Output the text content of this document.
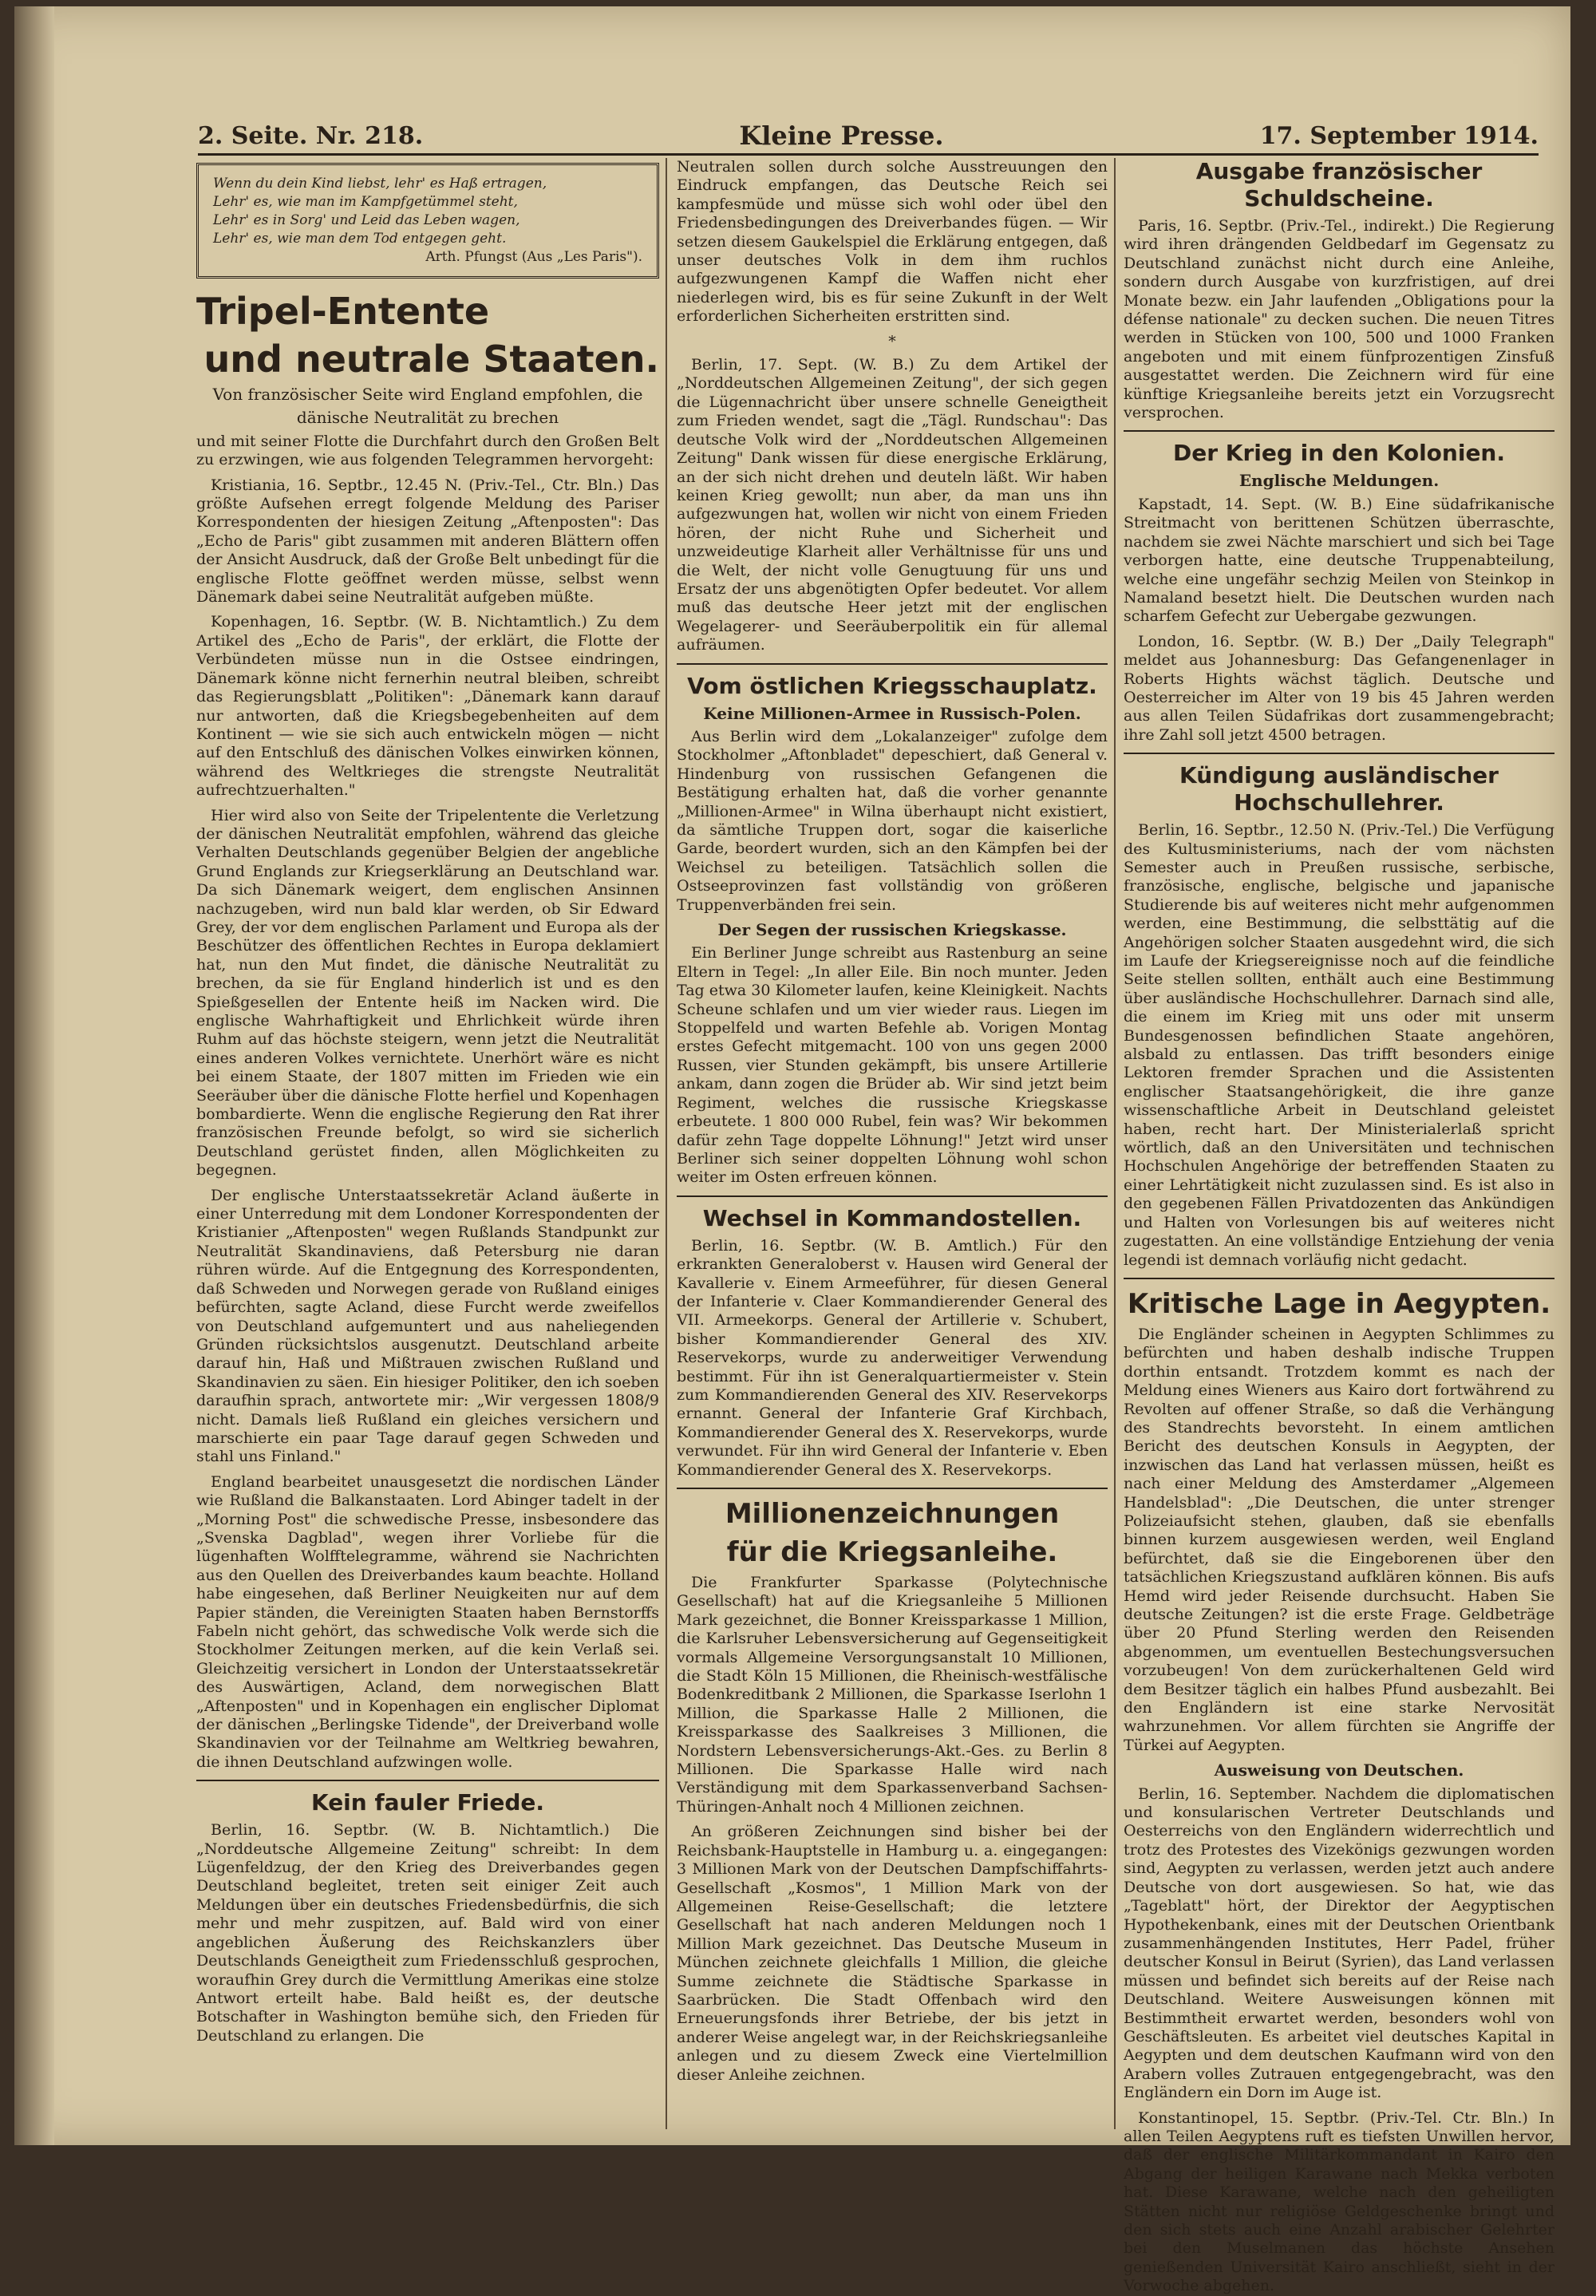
2. Seite. Nr. 218.	Kleine Presse.	17. September 1914.
Wenn du dein Kind liebst, lehr' es Haß ertragen,
Lehr' es, wie man im Kampfgetümmel steht,
Lehr' es in Sorg' und Leid das Leben wagen,
Lehr' es, wie man dem Tod entgegen geht.
Arth. Pfungst (Aus „Les Paris").
Tripel-Entente
und neutrale Staaten.
Von französischer Seite wird England empfohlen, die
dänische Neutralität zu brechen

und mit seiner Flotte die Durchfahrt durch den Großen Belt zu erzwingen, wie aus folgenden Telegrammen hervorgeht:

Kristiania, 16. Septbr., 12.45 N. (Priv.-Tel., Ctr. Bln.) Das größte Aufsehen erregt folgende Meldung des Pariser Korrespondenten der hiesigen Zeitung „Aftenposten": Das „Echo de Paris" gibt zusammen mit anderen Blättern offen der Ansicht Ausdruck, daß der Große Belt unbedingt für die englische Flotte geöffnet werden müsse, selbst wenn Dänemark dabei seine Neutralität aufgeben müßte.

Kopenhagen, 16. Septbr. (W. B. Nichtamtlich.) Zu dem Artikel des „Echo de Paris", der erklärt, die Flotte der Verbündeten müsse nun in die Ostsee eindringen, Dänemark könne nicht fernerhin neutral bleiben, schreibt das Regierungsblatt „Politiken": „Dänemark kann darauf nur antworten, daß die Kriegsbegebenheiten auf dem Kontinent — wie sie sich auch entwickeln mögen — nicht auf den Entschluß des dänischen Volkes einwirken können, während des Weltkrieges die strengste Neutralität aufrechtzuerhalten."

Hier wird also von Seite der Tripelentente die Verletzung der dänischen Neutralität empfohlen, während das gleiche Verhalten Deutschlands gegenüber Belgien der angebliche Grund Englands zur Kriegserklärung an Deutschland war. Da sich Dänemark weigert, dem englischen Ansinnen nachzugeben, wird nun bald klar werden, ob Sir Edward Grey, der vor dem englischen Parlament und Europa als der Beschützer des öffentlichen Rechtes in Europa deklamiert hat, nun den Mut findet, die dänische Neutralität zu brechen, da sie für England hinderlich ist und es den Spießgesellen der Entente heiß im Nacken wird. Die englische Wahrhaftigkeit und Ehrlichkeit würde ihren Ruhm auf das höchste steigern, wenn jetzt die Neutralität eines anderen Volkes vernichtete. Unerhört wäre es nicht bei einem Staate, der 1807 mitten im Frieden wie ein Seeräuber über die dänische Flotte herfiel und Kopenhagen bombardierte. Wenn die englische Regierung den Rat ihrer französischen Freunde befolgt, so wird sie sicherlich Deutschland gerüstet finden, allen Möglichkeiten zu begegnen.

Der englische Unterstaatssekretär Acland äußerte in einer Unterredung mit dem Londoner Korrespondenten der Kristianier „Aftenposten" wegen Rußlands Standpunkt zur Neutralität Skandinaviens, daß Petersburg nie daran rühren würde. Auf die Entgegnung des Korrespondenten, daß Schweden und Norwegen gerade von Rußland einiges befürchten, sagte Acland, diese Furcht werde zweifellos von Deutschland aufgemuntert und aus naheliegenden Gründen rücksichtslos ausgenutzt. Deutschland arbeite darauf hin, Haß und Mißtrauen zwischen Rußland und Skandinavien zu säen. Ein hiesiger Politiker, den ich soeben daraufhin sprach, antwortete mir: „Wir vergessen 1808/9 nicht. Damals ließ Rußland ein gleiches versichern und marschierte ein paar Tage darauf gegen Schweden und stahl uns Finland."

England bearbeitet unausgesetzt die nordischen Länder wie Rußland die Balkanstaaten. Lord Abinger tadelt in der „Morning Post" die schwedische Presse, insbesondere das „Svenska Dagblad", wegen ihrer Vorliebe für die lügenhaften Wolfftelegramme, während sie Nachrichten aus den Quellen des Dreiverbandes kaum beachte. Holland habe eingesehen, daß Berliner Neuigkeiten nur auf dem Papier ständen, die Vereinigten Staaten haben Bernstorffs Fabeln nicht gehört, das schwedische Volk werde sich die Stockholmer Zeitungen merken, auf die kein Verlaß sei. Gleichzeitig versichert in London der Unterstaatssekretär des Auswärtigen, Acland, dem norwegischen Blatt „Aftenposten" und in Kopenhagen ein englischer Diplomat der dänischen „Berlingske Tidende", der Dreiverband wolle Skandinavien vor der Teilnahme am Weltkrieg bewahren, die ihnen Deutschland aufzwingen wolle.

Kein fauler Friede.

Berlin, 16. Septbr. (W. B. Nichtamtlich.) Die „Norddeutsche Allgemeine Zeitung" schreibt: In dem Lügenfeldzug, der den Krieg des Dreiverbandes gegen Deutschland begleitet, treten seit einiger Zeit auch Meldungen über ein deutsches Friedensbedürfnis, die sich mehr und mehr zuspitzen, auf. Bald wird von einer angeblichen Äußerung des Reichskanzlers über Deutschlands Geneigtheit zum Friedensschluß gesprochen, woraufhin Grey durch die Vermittlung Amerikas eine stolze Antwort erteilt habe. Bald heißt es, der deutsche Botschafter in Washington bemühe sich, den Frieden für Deutschland zu erlangen. Die

Neutralen sollen durch solche Ausstreuungen den Eindruck empfangen, das Deutsche Reich sei kampfesmüde und müsse sich wohl oder übel den Friedensbedingungen des Dreiverbandes fügen. — Wir setzen diesem Gaukelspiel die Erklärung entgegen, daß unser deutsches Volk in dem ihm ruchlos aufgezwungenen Kampf die Waffen nicht eher niederlegen wird, bis es für seine Zukunft in der Welt erforderlichen Sicherheiten erstritten sind.

*

Berlin, 17. Sept. (W. B.) Zu dem Artikel der „Norddeutschen Allgemeinen Zeitung", der sich gegen die Lügennachricht über unsere schnelle Geneigtheit zum Frieden wendet, sagt die „Tägl. Rundschau": Das deutsche Volk wird der „Norddeutschen Allgemeinen Zeitung" Dank wissen für diese energische Erklärung, an der sich nicht drehen und deuteln läßt. Wir haben keinen Krieg gewollt; nun aber, da man uns ihn aufgezwungen hat, wollen wir nicht von einem Frieden hören, der nicht Ruhe und Sicherheit und unzweideutige Klarheit aller Verhältnisse für uns und die Welt, der nicht volle Genugtuung für uns und Ersatz der uns abgenötigten Opfer bedeutet. Vor allem muß das deutsche Heer jetzt mit der englischen Wegelagerer- und Seeräuberpolitik ein für allemal aufräumen.

Vom östlichen Kriegsschauplatz.
Keine Millionen-Armee in Russisch-Polen.

Aus Berlin wird dem „Lokalanzeiger" zufolge dem Stockholmer „Aftonbladet" depeschiert, daß General v. Hindenburg von russischen Gefangenen die Bestätigung erhalten hat, daß die vorher genannte „Millionen-Armee" in Wilna überhaupt nicht existiert, da sämtliche Truppen dort, sogar die kaiserliche Garde, beordert wurden, sich an den Kämpfen bei der Weichsel zu beteiligen. Tatsächlich sollen die Ostseeprovinzen fast vollständig von größeren Truppenverbänden frei sein.

Der Segen der russischen Kriegskasse.

Ein Berliner Junge schreibt aus Rastenburg an seine Eltern in Tegel: „In aller Eile. Bin noch munter. Jeden Tag etwa 30 Kilometer laufen, keine Kleinigkeit. Nachts Scheune schlafen und um vier wieder raus. Liegen im Stoppelfeld und warten Befehle ab. Vorigen Montag erstes Gefecht mitgemacht. 100 von uns gegen 2000 Russen, vier Stunden gekämpft, bis unsere Artillerie ankam, dann zogen die Brüder ab. Wir sind jetzt beim Regiment, welches die russische Kriegskasse erbeutete. 1 800 000 Rubel, fein was? Wir bekommen dafür zehn Tage doppelte Löhnung!" Jetzt wird unser Berliner sich seiner doppelten Löhnung wohl schon weiter im Osten erfreuen können.

Wechsel in Kommandostellen.

Berlin, 16. Septbr. (W. B. Amtlich.) Für den erkrankten Generaloberst v. Hausen wird General der Kavallerie v. Einem Armeeführer, für diesen General der Infanterie v. Claer Kommandierender General des VII. Armeekorps. General der Artillerie v. Schubert, bisher Kommandierender General des XIV. Reservekorps, wurde zu anderweitiger Verwendung bestimmt. Für ihn ist Generalquartiermeister v. Stein zum Kommandierenden General des XIV. Reservekorps ernannt. General der Infanterie Graf Kirchbach, Kommandierender General des X. Reservekorps, wurde verwundet. Für ihn wird General der Infanterie v. Eben Kommandierender General des X. Reservekorps.

Millionenzeichnungen
für die Kriegsanleihe.

Die Frankfurter Sparkasse (Polytechnische Gesellschaft) hat auf die Kriegsanleihe 5 Millionen Mark gezeichnet, die Bonner Kreissparkasse 1 Million, die Karlsruher Lebensversicherung auf Gegenseitigkeit vormals Allgemeine Versorgungsanstalt 10 Millionen, die Stadt Köln 15 Millionen, die Rheinisch-westfälische Bodenkreditbank 2 Millionen, die Sparkasse Iserlohn 1 Million, die Sparkasse Halle 2 Millionen, die Kreissparkasse des Saalkreises 3 Millionen, die Nordstern Lebensversicherungs-Akt.-Ges. zu Berlin 8 Millionen. Die Sparkasse Halle wird nach Verständigung mit dem Sparkassenverband Sachsen-Thüringen-Anhalt noch 4 Millionen zeichnen.

An größeren Zeichnungen sind bisher bei der Reichsbank-Hauptstelle in Hamburg u. a. eingegangen: 3 Millionen Mark von der Deutschen Dampfschiffahrts-Gesellschaft „Kosmos", 1 Million Mark von der Allgemeinen Reise-Gesellschaft; die letztere Gesellschaft hat nach anderen Meldungen noch 1 Million Mark gezeichnet. Das Deutsche Museum in München zeichnete gleichfalls 1 Million, die gleiche Summe zeichnete die Städtische Sparkasse in Saarbrücken. Die Stadt Offenbach wird den Erneuerungsfonds ihrer Betriebe, der bis jetzt in anderer Weise angelegt war, in der Reichskriegsanleihe anlegen und zu diesem Zweck eine Viertelmillion dieser Anleihe zeichnen.

Ausgabe französischer Schuldscheine.

Paris, 16. Septbr. (Priv.-Tel., indirekt.) Die Regierung wird ihren drängenden Geldbedarf im Gegensatz zu Deutschland zunächst nicht durch eine Anleihe, sondern durch Ausgabe von kurzfristigen, auf drei Monate bezw. ein Jahr laufenden „Obligations pour la défense nationale" zu decken suchen. Die neuen Titres werden in Stücken von 100, 500 und 1000 Franken angeboten und mit einem fünfprozentigen Zinsfuß ausgestattet werden. Die Zeichnern wird für eine künftige Kriegsanleihe bereits jetzt ein Vorzugsrecht versprochen.

Der Krieg in den Kolonien.
Englische Meldungen.

Kapstadt, 14. Sept. (W. B.) Eine südafrikanische Streitmacht von berittenen Schützen überraschte, nachdem sie zwei Nächte marschiert und sich bei Tage verborgen hatte, eine deutsche Truppenabteilung, welche eine ungefähr sechzig Meilen von Steinkop in Namaland besetzt hielt. Die Deutschen wurden nach scharfem Gefecht zur Uebergabe gezwungen.

London, 16. Septbr. (W. B.) Der „Daily Telegraph" meldet aus Johannesburg: Das Gefangenenlager in Roberts Hights wächst täglich. Deutsche und Oesterreicher im Alter von 19 bis 45 Jahren werden aus allen Teilen Südafrikas dort zusammengebracht; ihre Zahl soll jetzt 4500 betragen.

Kündigung ausländischer Hochschullehrer.

Berlin, 16. Septbr., 12.50 N. (Priv.-Tel.) Die Verfügung des Kultusministeriums, nach der vom nächsten Semester auch in Preußen russische, serbische, französische, englische, belgische und japanische Studierende bis auf weiteres nicht mehr aufgenommen werden, eine Bestimmung, die selbsttätig auf die Angehörigen solcher Staaten ausgedehnt wird, die sich im Laufe der Kriegsereignisse noch auf die feindliche Seite stellen sollten, enthält auch eine Bestimmung über ausländische Hochschullehrer. Darnach sind alle, die einem im Krieg mit uns oder mit unserm Bundesgenossen befindlichen Staate angehören, alsbald zu entlassen. Das trifft besonders einige Lektoren fremder Sprachen und die Assistenten englischer Staatsangehörigkeit, die ihre ganze wissenschaftliche Arbeit in Deutschland geleistet haben, recht hart. Der Ministerialerlaß spricht wörtlich, daß an den Universitäten und technischen Hochschulen Angehörige der betreffenden Staaten zu einer Lehrtätigkeit nicht zuzulassen sind. Es ist also in den gegebenen Fällen Privatdozenten das Ankündigen und Halten von Vorlesungen bis auf weiteres nicht zugestatten. An eine vollständige Entziehung der venia legendi ist demnach vorläufig nicht gedacht.

Kritische Lage in Aegypten.

Die Engländer scheinen in Aegypten Schlimmes zu befürchten und haben deshalb indische Truppen dorthin entsandt. Trotzdem kommt es nach der Meldung eines Wieners aus Kairo dort fortwährend zu Revolten auf offener Straße, so daß die Verhängung des Standrechts bevorsteht. In einem amtlichen Bericht des deutschen Konsuls in Aegypten, der inzwischen das Land hat verlassen müssen, heißt es nach einer Meldung des Amsterdamer „Algemeen Handelsblad": „Die Deutschen, die unter strenger Polizeiaufsicht stehen, glauben, daß sie ebenfalls binnen kurzem ausgewiesen werden, weil England befürchtet, daß sie die Eingeborenen über den tatsächlichen Kriegszustand aufklären können. Bis aufs Hemd wird jeder Reisende durchsucht. Haben Sie deutsche Zeitungen? ist die erste Frage. Geldbeträge über 20 Pfund Sterling werden den Reisenden abgenommen, um eventuellen Bestechungsversuchen vorzubeugen! Von dem zurückerhaltenen Geld wird dem Besitzer täglich ein halbes Pfund ausbezahlt. Bei den Engländern ist eine starke Nervosität wahrzunehmen. Vor allem fürchten sie Angriffe der Türkei auf Aegypten.

Ausweisung von Deutschen.

Berlin, 16. September. Nachdem die diplomatischen und konsularischen Vertreter Deutschlands und Oesterreichs von den Engländern widerrechtlich und trotz des Protestes des Vizekönigs gezwungen worden sind, Aegypten zu verlassen, werden jetzt auch andere Deutsche von dort ausgewiesen. So hat, wie das „Tageblatt" hört, der Direktor der Aegyptischen Hypothekenbank, eines mit der Deutschen Orientbank zusammenhängenden Institutes, Herr Padel, früher deutscher Konsul in Beirut (Syrien), das Land verlassen müssen und befindet sich bereits auf der Reise nach Deutschland. Weitere Ausweisungen können mit Bestimmtheit erwartet werden, besonders wohl von Geschäftsleuten. Es arbeitet viel deutsches Kapital in Aegypten und dem deutschen Kaufmann wird von den Arabern volles Zutrauen entgegengebracht, was den Engländern ein Dorn im Auge ist.

Konstantinopel, 15. Septbr. (Priv.-Tel. Ctr. Bln.) In allen Teilen Aegyptens ruft es tiefsten Unwillen hervor, daß der englische Militärkommandant in Kairo den Abgang der heiligen Karawane nach Mekka verboten hat. Diese Karawane, welche nach den geheiligten Stätten nicht nur religiöse Geldgeschenke bringt und den sich stets auch eine Anzahl arabischer Gelehrter bei den Muselmanen das höchste Ansehen genießenden Universität Kairo anschließt, sieht in der Vorwoche abgehen.
